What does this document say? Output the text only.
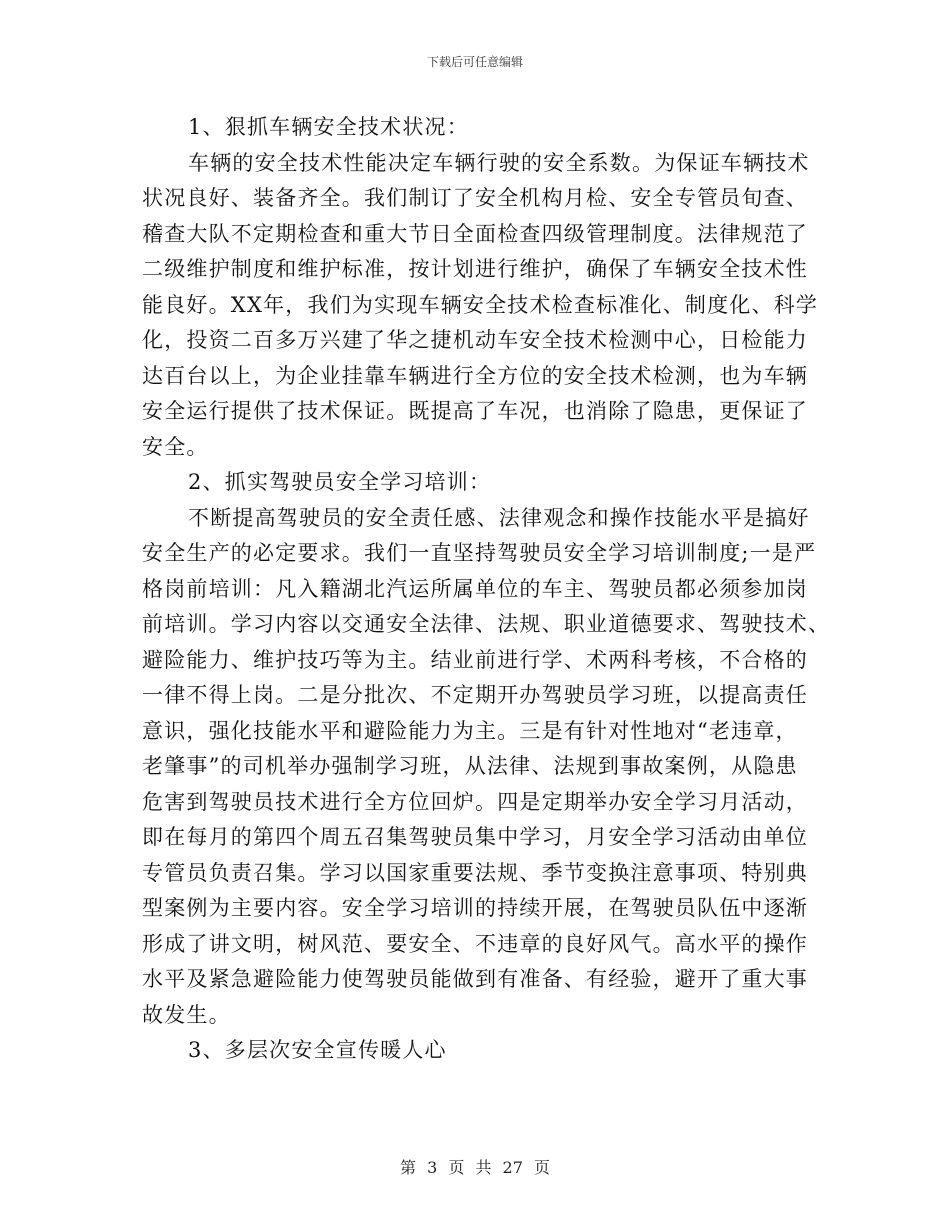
下载后可任意编辑
1、狠抓车辆安全技术状况：
车辆的安全技术性能决定车辆行驶的安全系数。为保证车辆技术
状况良好、装备齐全。我们制订了安全机构月检、安全专管员旬查、
稽查大队不定期检查和重大节日全面检查四级管理制度。法律规范了
二级维护制度和维护标准，按计划进行维护，确保了车辆安全技术性
能良好。XX年，我们为实现车辆安全技术检查标准化、制度化、科学
化，投资二百多万兴建了华之捷机动车安全技术检测中心，日检能力
达百台以上，为企业挂靠车辆进行全方位的安全技术检测，也为车辆
安全运行提供了技术保证。既提高了车况，也消除了隐患，更保证了
安全。
2、抓实驾驶员安全学习培训：
不断提高驾驶员的安全责任感、法律观念和操作技能水平是搞好
安全生产的必定要求。我们一直坚持驾驶员安全学习培训制度;一是严
格岗前培训：凡入籍湖北汽运所属单位的车主、驾驶员都必须参加岗
前培训。学习内容以交通安全法律、法规、职业道德要求、驾驶技术、
避险能力、维护技巧等为主。结业前进行学、术两科考核，不合格的
一律不得上岗。二是分批次、不定期开办驾驶员学习班，以提高责任
意识，强化技能水平和避险能力为主。三是有针对性地对“老违章，
老肇事”的司机举办强制学习班，从法律、法规到事故案例，从隐患
危害到驾驶员技术进行全方位回炉。四是定期举办安全学习月活动，
即在每月的第四个周五召集驾驶员集中学习，月安全学习活动由单位
专管员负责召集。学习以国家重要法规、季节变换注意事项、特别典
型案例为主要内容。安全学习培训的持续开展，在驾驶员队伍中逐渐
形成了讲文明，树风范、要安全、不违章的良好风气。高水平的操作
水平及紧急避险能力使驾驶员能做到有准备、有经验，避开了重大事
故发生。
3、多层次安全宣传暖人心
第 3 页 共 27 页
